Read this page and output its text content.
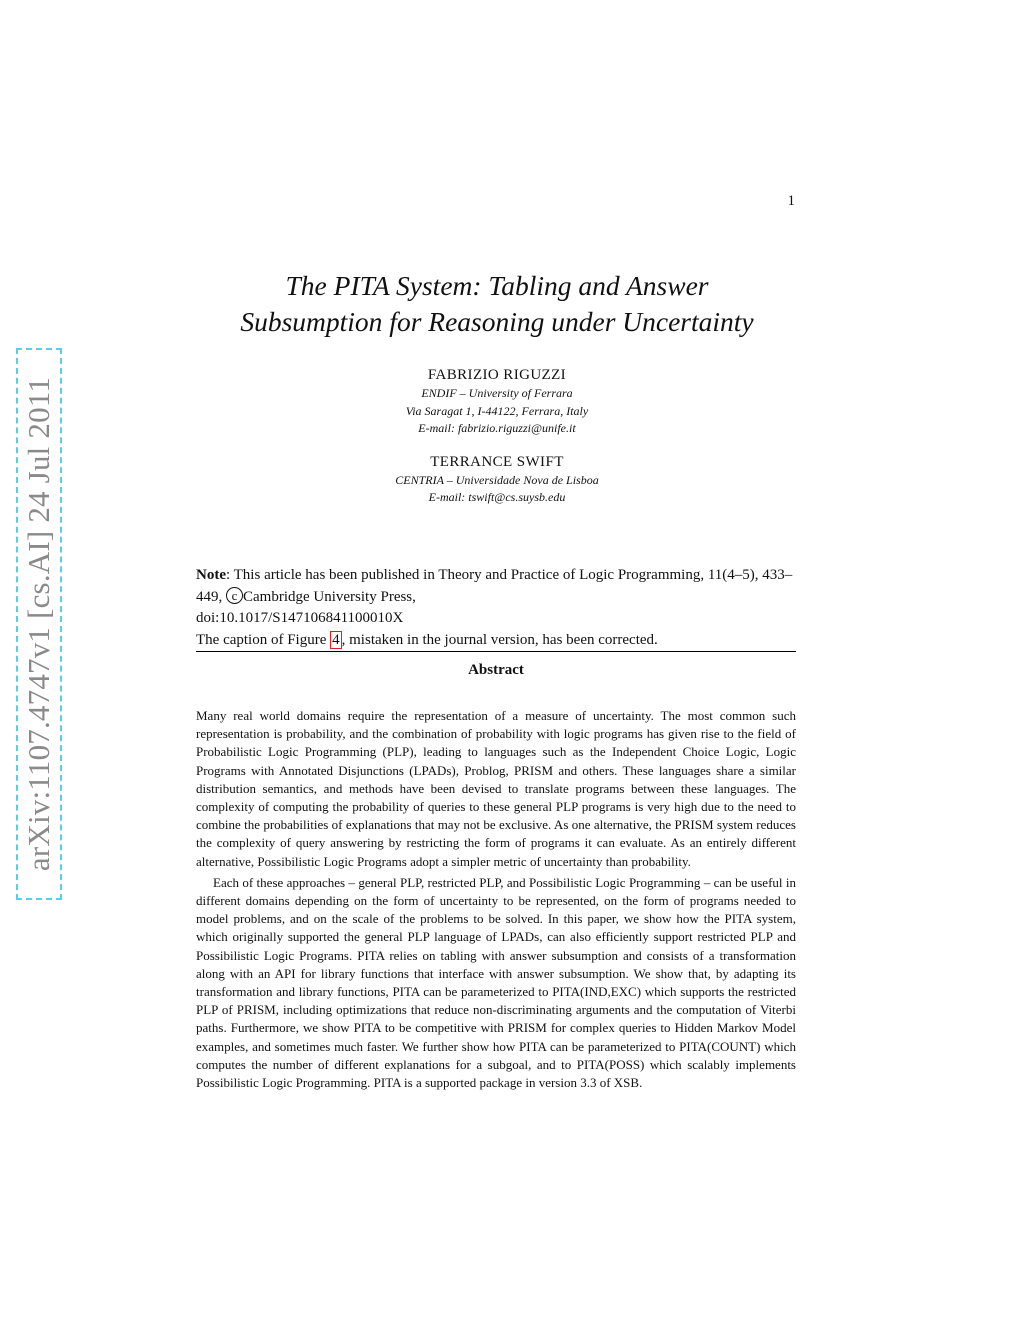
1
arXiv:1107.4747v1 [cs.AI] 24 Jul 2011
The PITA System: Tabling and Answer
Subsumption for Reasoning under Uncertainty
FABRIZIO RIGUZZI
ENDIF – University of Ferrara
Via Saragat 1, I-44122, Ferrara, Italy
E-mail: fabrizio.riguzzi@unife.it
TERRANCE SWIFT
CENTRIA – Universidade Nova de Lisboa
E-mail: tswift@cs.suysb.edu
Note: This article has been published in Theory and Practice of Logic Programming, 11(4–5), 433–449, c Cambridge University Press,
doi:10.1017/S147106841100010X
The caption of Figure 4 , mistaken in the journal version, has been corrected.
Abstract

Many real world domains require the representation of a measure of uncertainty. The most common such representation is probability, and the combination of probability with logic programs has given rise to the field of Probabilistic Logic Programming (PLP), leading to languages such as the Independent Choice Logic, Logic Programs with Annotated Disjunctions (LPADs), Problog, PRISM and others. These languages share a similar distribution semantics, and methods have been devised to translate programs between these languages. The complexity of computing the probability of queries to these general PLP programs is very high due to the need to combine the probabilities of explanations that may not be exclusive. As one alternative, the PRISM system reduces the complexity of query answering by restricting the form of programs it can evaluate. As an entirely different alternative, Possibilistic Logic Programs adopt a simpler metric of uncertainty than probability.

Each of these approaches – general PLP, restricted PLP, and Possibilistic Logic Programming – can be useful in different domains depending on the form of uncertainty to be represented, on the form of programs needed to model problems, and on the scale of the problems to be solved. In this paper, we show how the PITA system, which originally supported the general PLP language of LPADs, can also efficiently support restricted PLP and Possibilistic Logic Programs. PITA relies on tabling with answer subsumption and consists of a transformation along with an API for library functions that interface with answer subsumption. We show that, by adapting its transformation and library functions, PITA can be parameterized to PITA(IND,EXC) which supports the restricted PLP of PRISM, including optimizations that reduce non-discriminating arguments and the computation of Viterbi paths. Furthermore, we show PITA to be competitive with PRISM for complex queries to Hidden Markov Model examples, and sometimes much faster. We further show how PITA can be parameterized to PITA(COUNT) which computes the number of different explanations for a subgoal, and to PITA(POSS) which scalably implements Possibilistic Logic Programming. PITA is a supported package in version 3.3 of XSB.
